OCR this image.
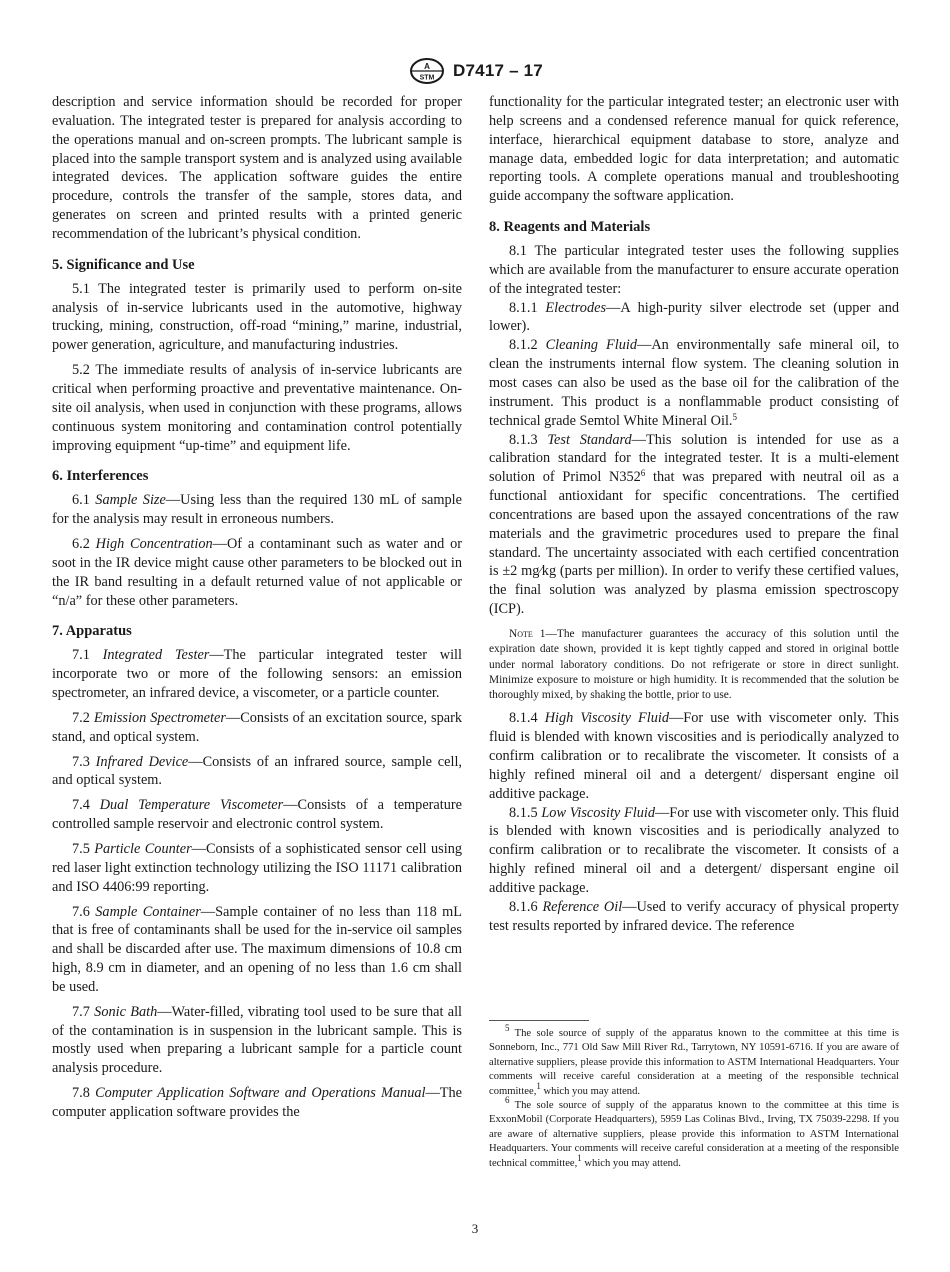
A
STM D7417 – 17

description and service information should be recorded for proper evaluation. The integrated tester is prepared for analysis according to the operations manual and on-screen prompts. The lubricant sample is placed into the sample transport system and is analyzed using available integrated devices. The application software guides the entire procedure, controls the transfer of the sample, stores data, and generates on screen and printed results with a printed generic recommendation of the lubricant’s physical condition.

5. Significance and Use

5.1 The integrated tester is primarily used to perform on-site analysis of in-service lubricants used in the automotive, highway trucking, mining, construction, off-road “mining,” marine, industrial, power generation, agriculture, and manufacturing industries.

5.2 The immediate results of analysis of in-service lubricants are critical when performing proactive and preventative maintenance. On-site oil analysis, when used in conjunction with these programs, allows continuous system monitoring and contamination control potentially improving equipment “up-time” and equipment life.

6. Interferences

6.1 Sample Size—Using less than the required 130 mL of sample for the analysis may result in erroneous numbers.

6.2 High Concentration—Of a contaminant such as water and or soot in the IR device might cause other parameters to be blocked out in the IR band resulting in a default returned value of not applicable or “n/a” for these other parameters.

7. Apparatus

7.1 Integrated Tester—The particular integrated tester will incorporate two or more of the following sensors: an emission spectrometer, an infrared device, a viscometer, or a particle counter.

7.2 Emission Spectrometer—Consists of an excitation source, spark stand, and optical system.

7.3 Infrared Device—Consists of an infrared source, sample cell, and optical system.

7.4 Dual Temperature Viscometer—Consists of a temperature controlled sample reservoir and electronic control system.

7.5 Particle Counter—Consists of a sophisticated sensor cell using red laser light extinction technology utilizing the ISO 11171 calibration and ISO 4406:99 reporting.

7.6 Sample Container—Sample container of no less than 118 mL that is free of contaminants shall be used for the in-service oil samples and shall be discarded after use. The maximum dimensions of 10.8 cm high, 8.9 cm in diameter, and an opening of no less than 1.6 cm shall be used.

7.7 Sonic Bath—Water-filled, vibrating tool used to be sure that all of the contamination is in suspension in the lubricant sample. This is mostly used when preparing a lubricant sample for a particle count analysis procedure.

7.8 Computer Application Software and Operations Manual—The computer application software provides the

functionality for the particular integrated tester; an electronic user with help screens and a condensed reference manual for quick reference, interface, hierarchical equipment database to store, analyze and manage data, embedded logic for data interpretation; and automatic reporting tools. A complete operations manual and troubleshooting guide accompany the software application.

8. Reagents and Materials

8.1 The particular integrated tester uses the following supplies which are available from the manufacturer to ensure accurate operation of the integrated tester:

8.1.1 Electrodes—A high-purity silver electrode set (upper and lower).

8.1.2 Cleaning Fluid—An environmentally safe mineral oil, to clean the instruments internal flow system. The cleaning solution in most cases can also be used as the base oil for the calibration of the instrument. This product is a nonflammable product consisting of technical grade Semtol White Mineral Oil.$^5$

8.1.3 Test Standard—This solution is intended for use as a calibration standard for the integrated tester. It is a multi-element solution of Primol $N352^6$ that was prepared with neutral oil as a functional antioxidant for specific concentrations. The certified concentrations are based upon the assayed concentrations of the raw materials and the gravimetric procedures used to prepare the final standard. The uncertainty associated with each certified concentration is ±2 mg⁄kg (parts per million). In order to verify these certified values, the final solution was analyzed by plasma emission spectroscopy (ICP).

Note 1—The manufacturer guarantees the accuracy of this solution until the expiration date shown, provided it is kept tightly capped and stored in original bottle under normal laboratory conditions. Do not refrigerate or store in direct sunlight. Minimize exposure to moisture or high humidity. It is recommended that the solution be thoroughly mixed, by shaking the bottle, prior to use.

8.1.4 High Viscosity Fluid—For use with viscometer only. This fluid is blended with known viscosities and is periodically analyzed to confirm calibration or to recalibrate the viscometer. It consists of a highly refined mineral oil and a detergent/ dispersant engine oil additive package.

8.1.5 Low Viscosity Fluid—For use with viscometer only. This fluid is blended with known viscosities and is periodically analyzed to confirm calibration or to recalibrate the viscometer. It consists of a highly refined mineral oil and a detergent/ dispersant engine oil additive package.

8.1.6 Reference Oil—Used to verify accuracy of physical property test results reported by infrared device. The reference

$^5$ The sole source of supply of the apparatus known to the committee at this time is Sonneborn, Inc., 771 Old Saw Mill River Rd., Tarrytown, NY 10591-6716. If you are aware of alternative suppliers, please provide this information to ASTM International Headquarters. Your comments will receive careful consideration at a meeting of the responsible technical committee,$^1$ which you may attend.

$^6$ The sole source of supply of the apparatus known to the committee at this time is ExxonMobil (Corporate Headquarters), 5959 Las Colinas Blvd., Irving, TX 75039-2298. If you are aware of alternative suppliers, please provide this information to ASTM International Headquarters. Your comments will receive careful consideration at a meeting of the responsible technical committee,$^1$ which you may attend.

3
